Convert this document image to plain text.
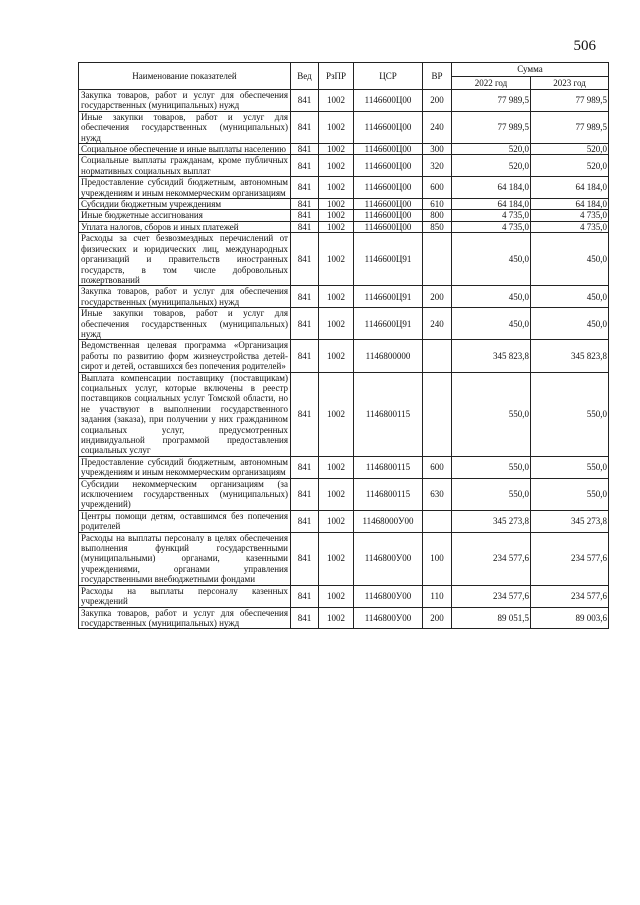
506
Наименование показателей	Вед	РзПР	ЦСР	ВР	Сумма	
					2022 год	2023 год
Закупка товаров, работ и услуг для обеспечения государственных (муниципальных) нужд	841	1002	1146600Ц00	200	77 989,5	77 989,5
Иные закупки товаров, работ и услуг для обеспечения государственных (муниципальных) нужд	841	1002	1146600Ц00	240	77 989,5	77 989,5
Социальное обеспечение и иные выплаты населению	841	1002	1146600Ц00	300	520,0	520,0
Социальные выплаты гражданам, кроме публичных нормативных социальных выплат	841	1002	1146600Ц00	320	520,0	520,0
Предоставление субсидий бюджетным, автономным учреждениям и иным некоммерческим организациям	841	1002	1146600Ц00	600	64 184,0	64 184,0
Субсидии бюджетным учреждениям	841	1002	1146600Ц00	610	64 184,0	64 184,0
Иные бюджетные ассигнования	841	1002	1146600Ц00	800	4 735,0	4 735,0
Уплата налогов, сборов и иных платежей	841	1002	1146600Ц00	850	4 735,0	4 735,0
Расходы за счет безвозмездных перечислений от физических и юридических лиц, международных организаций и правительств иностранных государств, в том числе добровольных пожертвований	841	1002	1146600Ц91		450,0	450,0
Закупка товаров, работ и услуг для обеспечения государственных (муниципальных) нужд	841	1002	1146600Ц91	200	450,0	450,0
Иные закупки товаров, работ и услуг для обеспечения государственных (муниципальных) нужд	841	1002	1146600Ц91	240	450,0	450,0
Ведомственная целевая программа «Организация работы по развитию форм жизнеустройства детей-сирот и детей, оставшихся без попечения родителей»	841	1002	1146800000		345 823,8	345 823,8
Выплата компенсации поставщику (поставщикам) социальных услуг, которые включены в реестр поставщиков социальных услуг Томской области, но не участвуют в выполнении государственного задания (заказа), при получении у них гражданином социальных услуг, предусмотренных индивидуальной программой предоставления социальных услуг	841	1002	1146800115		550,0	550,0
Предоставление субсидий бюджетным, автономным учреждениям и иным некоммерческим организациям	841	1002	1146800115	600	550,0	550,0
Субсидии некоммерческим организациям (за исключением государственных (муниципальных) учреждений)	841	1002	1146800115	630	550,0	550,0
Центры помощи детям, оставшимся без попечения родителей	841	1002	11468000У00		345 273,8	345 273,8
Расходы на выплаты персоналу в целях обеспечения выполнения функций государственными (муниципальными) органами, казенными учреждениями, органами управления государственными внебюджетными фондами	841	1002	1146800У00	100	234 577,6	234 577,6
Расходы на выплаты персоналу казенных учреждений	841	1002	1146800У00	110	234 577,6	234 577,6
Закупка товаров, работ и услуг для обеспечения государственных (муниципальных) нужд	841	1002	1146800У00	200	89 051,5	89 003,6
